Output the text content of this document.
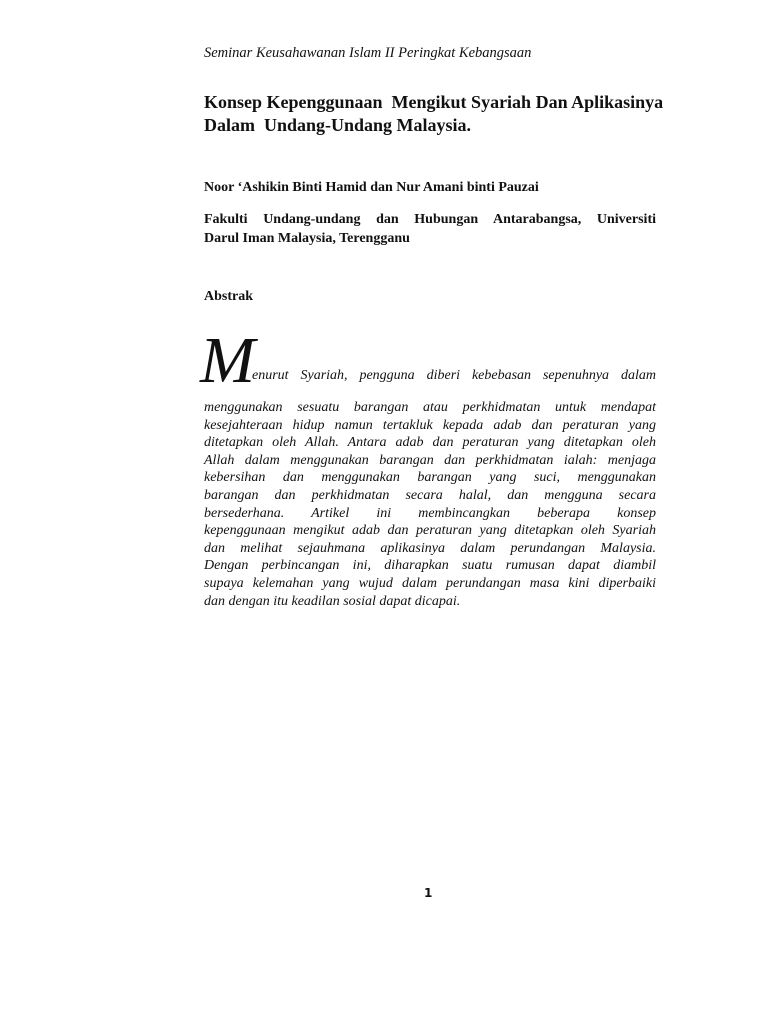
Seminar Keusahawanan Islam II Peringkat Kebangsaan
Konsep Kepenggunaan  Mengikut Syariah Dan Aplikasinya
Dalam  Undang-Undang Malaysia.
Noor ‘Ashikin Binti Hamid dan Nur Amani binti Pauzai
Fakulti Undang-undang dan Hubungan Antarabangsa, Universiti
Darul Iman Malaysia, Terengganu
Abstrak
M
enurut Syariah, pengguna diberi kebebasan sepenuhnya dalam
menggunakan sesuatu barangan atau perkhidmatan untuk mendapat
kesejahteraan hidup namun tertakluk kepada adab dan peraturan yang
ditetapkan oleh Allah. Antara adab dan peraturan yang ditetapkan oleh
Allah dalam menggunakan barangan dan perkhidmatan ialah: menjaga
kebersihan dan menggunakan barangan yang suci, menggunakan
barangan dan perkhidmatan secara halal, dan mengguna secara
bersederhana. Artikel ini membincangkan beberapa konsep
kepenggunaan mengikut adab dan peraturan yang ditetapkan oleh Syariah
dan melihat sejauhmana aplikasinya dalam perundangan Malaysia.
Dengan perbincangan ini, diharapkan suatu rumusan dapat diambil
supaya kelemahan yang wujud dalam perundangan masa kini diperbaiki
dan dengan itu keadilan sosial dapat dicapai.
1
